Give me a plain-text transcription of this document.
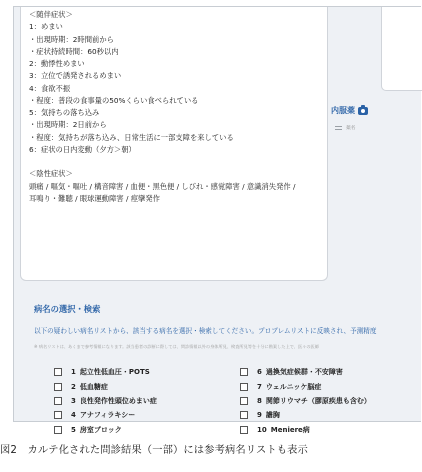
＜随伴症状＞
1：めまい
・出現時期：2時間前から
・症状持続時間：60秒以内
2：動悸性めまい
3：立位で誘発されるめまい
4：食欲不振
・程度：普段の食事量の50%くらい食べられている
5：気持ちの落ち込み
・出現時期：2日前から
・程度：気持ちが落ち込み、日常生活に一部支障を来している
6：症状の日内変動（夕方＞朝）
＜陰性症状＞
頭痛 / 嘔気・嘔吐 / 構音障害 / 血便・黒色便 / しびれ・感覚障害 / 意識消失発作 /
耳鳴り・難聴 / 眼球運動障害 / 痙攣発作
内服薬
薬名
病名の選択・検索
以下の疑わしい病名リストから、該当する病名を選択・検索してください。プロブレムリストに反映され、予測精度
※ 病名リストは、あくまで参考情報になります。該当患者の診断に際しては、問診情報以外の身体所見、検査所見等を十分に勘案した上で、医々の医師
1 起立性低血圧・POTS
2 低血糖症
3 良性発作性頭位めまい症
4 アナフィラキシー
5 房室ブロック
6 過換気症候群・不安障害
7 ウェルニッケ脳症
8 関節リウマチ（膠原疾患も含む）
9 譫胸
10 Meniere病
図2　カルテ化された問診結果（一部）には参考病名リストも表示
